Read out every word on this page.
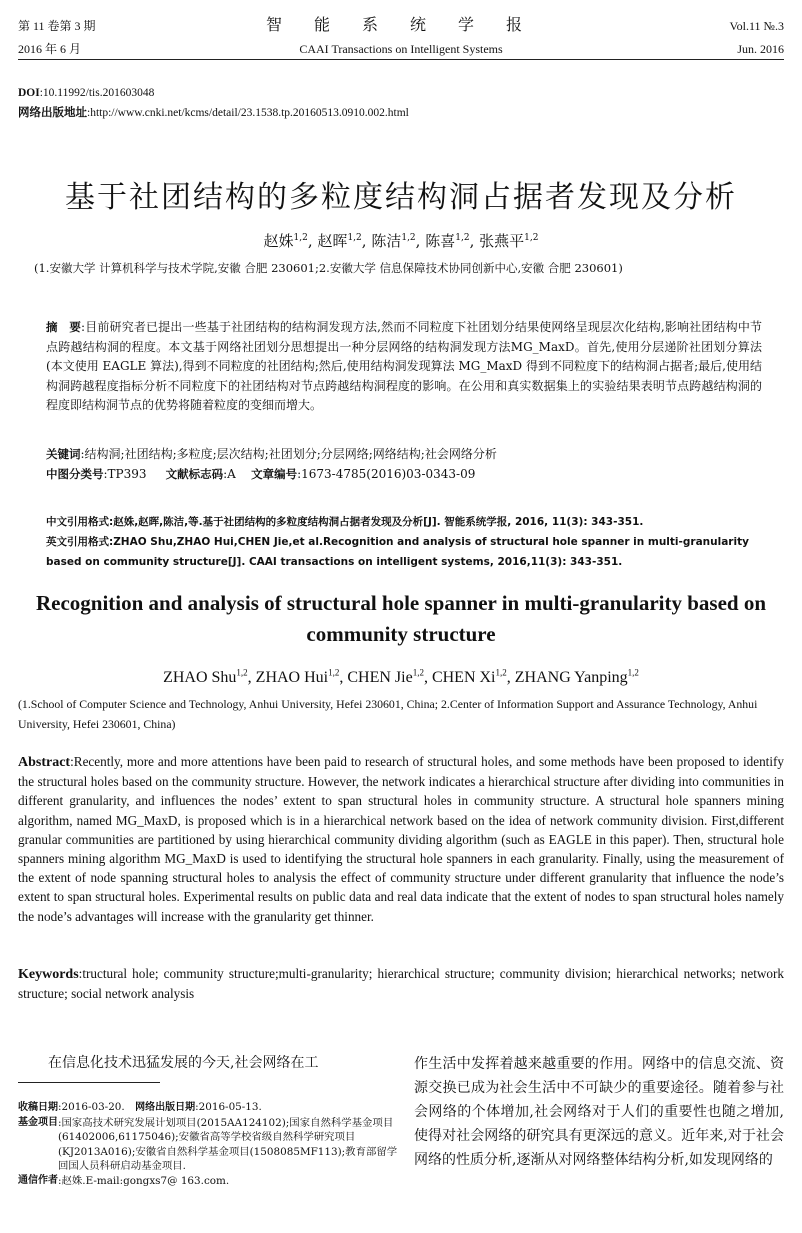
第 11 卷第 3 期	智 能 系 统 学 报	Vol.11 №.3
2016 年 6 月	CAAI Transactions on Intelligent Systems	Jun. 2016
DOI:10.11992/tis.201603048
网络出版地址:http://www.cnki.net/kcms/detail/23.1538.tp.20160513.0910.002.html
基于社团结构的多粒度结构洞占据者发现及分析
赵姝$^{1,2}$, 赵晖$^{1,2}$, 陈洁$^{1,2}$, 陈喜$^{1,2}$, 张燕平$^{1,2}$
(1.安徽大学 计算机科学与技术学院,安徽 合肥 230601;2.安徽大学 信息保障技术协同创新中心,安徽 合肥 230601)
摘　要:目前研究者已提出一些基于社团结构的结构洞发现方法,然而不同粒度下社团划分结果使网络呈现层次化结构,影响社团结构中节点跨越结构洞的程度。本文基于网络社团划分思想提出一种分层网络的结构洞发现方法MG_MaxD。首先,使用分层递阶社团划分算法(本文使用 EAGLE 算法),得到不同粒度的社团结构;然后,使用结构洞发现算法 MG_MaxD 得到不同粒度下的结构洞占据者;最后,使用结构洞跨越程度指标分析不同粒度下的社团结构对节点跨越结构洞程度的影响。在公用和真实数据集上的实验结果表明节点跨越结构洞的程度即结构洞节点的优势将随着粒度的变细而增大。
关键词:结构洞;社团结构;多粒度;层次结构;社团划分;分层网络;网络结构;社会网络分析
中图分类号:TP393 文献标志码:A 文章编号:1673-4785(2016)03-0343-09
中文引用格式:赵姝,赵晖,陈洁,等.基于社团结构的多粒度结构洞占据者发现及分析[J]. 智能系统学报, 2016, 11(3): 343-351.
英文引用格式:ZHAO Shu,ZHAO Hui,CHEN Jie,et al.Recognition and analysis of structural hole spanner in multi-granularity based on community structure[J]. CAAI transactions on intelligent systems, 2016,11(3): 343-351.
Recognition and analysis of structural hole spanner in multi-granularity based on community structure
ZHAO Shu$^{1,2}$, ZHAO Hui$^{1,2}$, CHEN Jie$^{1,2}$, CHEN Xi$^{1,2}$, ZHANG Yanping$^{1,2}$
(1.School of Computer Science and Technology, Anhui University, Hefei 230601, China; 2.Center of Information Support and Assurance Technology, Anhui University, Hefei 230601, China)
Abstract:Recently, more and more attentions have been paid to research of structural holes, and some methods have been proposed to identify the structural holes based on the community structure. However, the network indicates a hierarchical structure after dividing into communities in different granularity, and influences the nodes’ extent to span structural holes in community structure. A structural hole spanners mining algorithm, named MG_MaxD, is proposed which is in a hierarchical network based on the idea of network community division. First,different granular communities are partitioned by using hierarchical community dividing algorithm (such as EAGLE in this paper). Then, structural hole spanners mining algorithm MG_MaxD is used to identifying the structural hole spanners in each granularity. Finally, using the measurement of the extent of node spanning structural holes to analysis the effect of community structure under different granularity that influence the node’s extent to span structural holes. Experimental results on public data and real data indicate that the extent of nodes to span structural holes namely the node’s advantages will increase with the granularity get thinner.
Keywords:tructural hole; community structure;multi-granularity; hierarchical structure; community division; hierarchical networks; network structure; social network analysis
在信息化技术迅猛发展的今天,社会网络在工
收稿日期:2016-03-20.　网络出版日期:2016-05-13.
基金项目 :国家高技术研究发展计划项目(2015AA124102);国家自然科学基金项目(61402006,61175046);安徽省高等学校省级自然科学研究项目(KJ2013A016);安徽省自然科学基金项目(1508085MF113);教育部留学回国人员科研启动基金项目.
通信作者 :赵姝.E-mail:gongxs7@ 163.com.
作生活中发挥着越来越重要的作用。网络中的信息交流、资源交换已成为社会生活中不可缺少的重要途径。随着参与社会网络的个体增加,社会网络对于人们的重要性也随之增加,使得对社会网络的研究具有更深远的意义。近年来,对于社会网络的性质分析,逐渐从对网络整体结构分析,如发现网络的
